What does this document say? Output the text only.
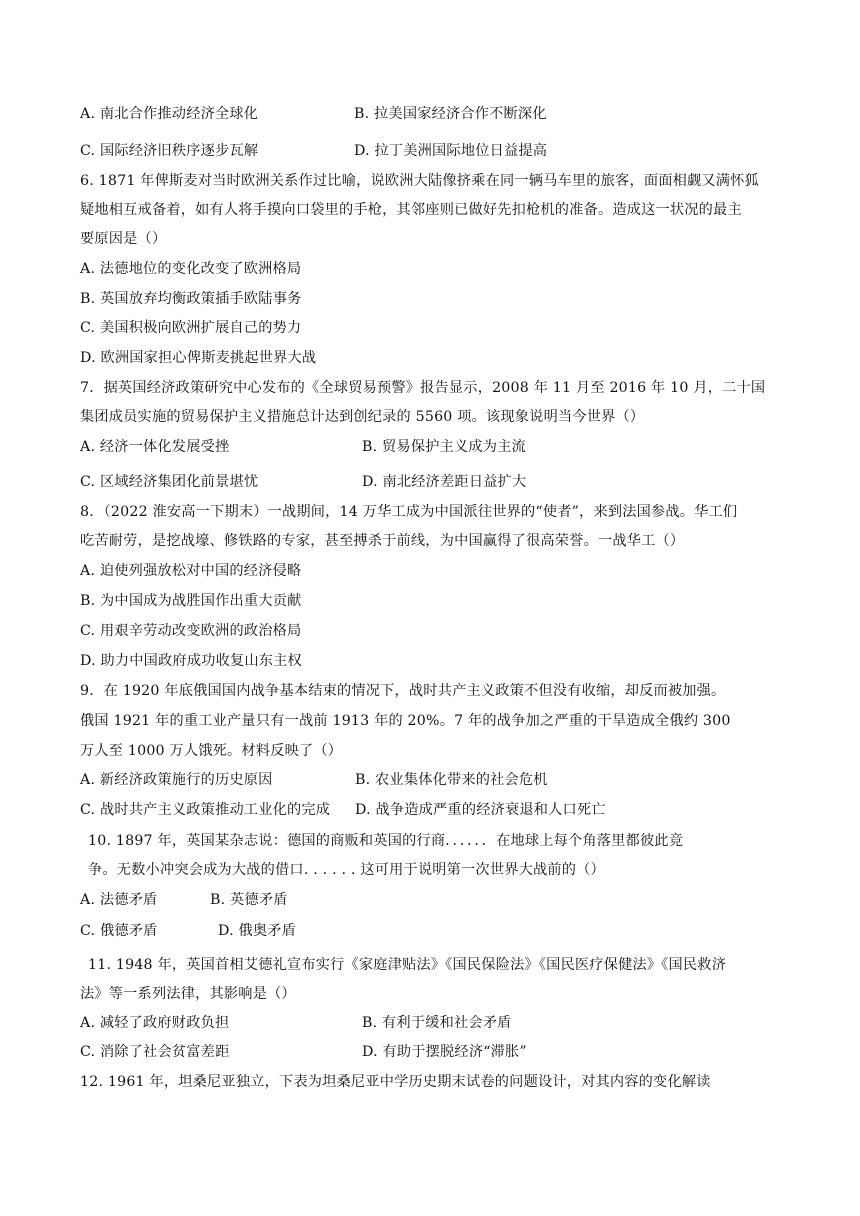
A. 南北合作推动经济全球化	B. 拉美国家经济合作不断深化
C. 国际经济旧秩序逐步瓦解	D. 拉丁美洲国际地位日益提高
6. 1871 年俾斯麦对当时欧洲关系作过比喻，说欧洲大陆像挤乘在同一辆马车里的旅客，面面相觑又满怀狐
疑地相互戒备着，如有人将手摸向口袋里的手枪，其邻座则已做好先扣枪机的准备。造成这一状况的最主
要原因是（）
A. 法德地位的变化改变了欧洲格局
B. 英国放弃均衡政策插手欧陆事务
C. 美国积极向欧洲扩展自己的势力
D. 欧洲国家担心俾斯麦挑起世界大战
7．据英国经济政策研究中心发布的《全球贸易预警》报告显示，2008 年 11 月至 2016 年 10 月，二十国
集团成员实施的贸易保护主义措施总计达到创纪录的 5560 项。该现象说明当今世界（）
A. 经济一体化发展受挫	B. 贸易保护主义成为主流
C. 区域经济集团化前景堪忧	D. 南北经济差距日益扩大
8．（2022 淮安高一下期末）一战期间，14 万华工成为中国派往世界的“使者”，来到法国参战。华工们
吃苦耐劳，是挖战壕、修铁路的专家，甚至搏杀于前线，为中国赢得了很高荣誉。一战华工（）
A. 迫使列强放松对中国的经济侵略
B. 为中国成为战胜国作出重大贡献
C. 用艰辛劳动改变欧洲的政治格局
D. 助力中国政府成功收复山东主权
9．在 1920 年底俄国国内战争基本结束的情况下，战时共产主义政策不但没有收缩，却反而被加强。
俄国 1921 年的重工业产量只有一战前 1913 年的 20%。7 年的战争加之严重的干旱造成全俄约 300
万人至 1000 万人饿死。材料反映了（）
A. 新经济政策施行的历史原因	B. 农业集体化带来的社会危机
C. 战时共产主义政策推动工业化的完成 D. 战争造成严重的经济衰退和人口死亡
10. 1897 年，英国某杂志说：德国的商贩和英国的行商．．．．．．在地球上每个角落里都彼此竞
争。无数小冲突会成为大战的借口. . . . . . 这可用于说明第一次世界大战前的（）
A. 法德矛盾	B. 英德矛盾
C. 俄德矛盾	D. 俄奥矛盾
11. 1948 年，英国首相艾德礼宣布实行《家庭津贴法》《国民保险法》《国民医疗保健法》《国民救济
法》等一系列法律，其影响是（）
A. 减轻了政府财政负担	B. 有利于缓和社会矛盾
C. 消除了社会贫富差距	D. 有助于摆脱经济“滞胀”
12. 1961 年，坦桑尼亚独立，下表为坦桑尼亚中学历史期末试卷的问题设计，对其内容的变化解读
